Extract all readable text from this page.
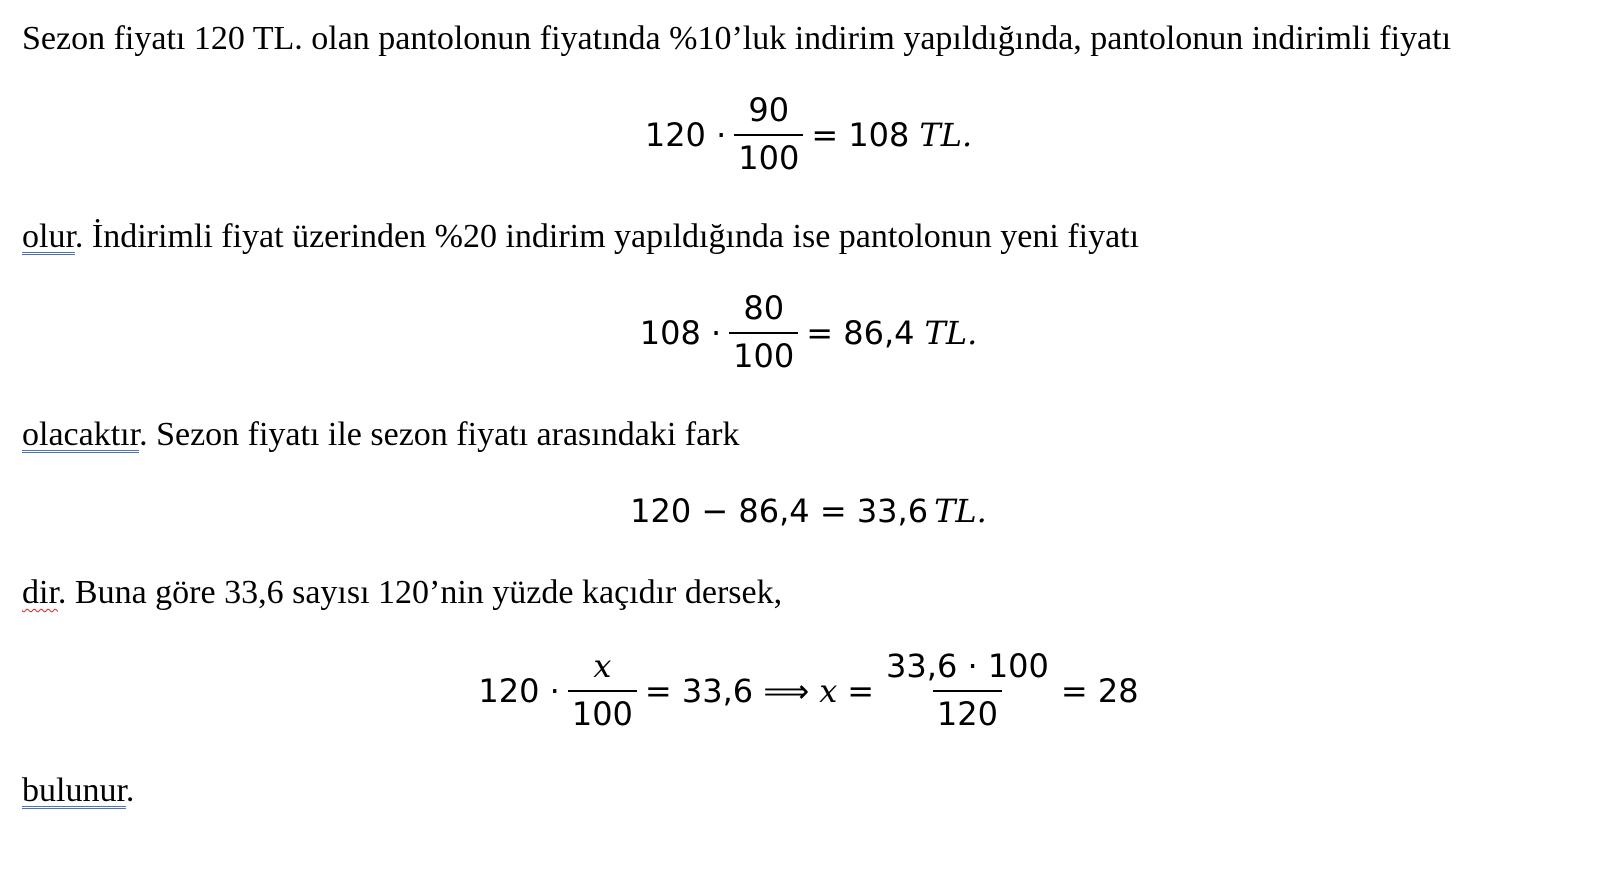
Sezon fiyatı 120 TL. olan pantolonun fiyatında %10’luk indirim yapıldığında, pantolonun indirimli fiyatı
$120 \cdot \frac{90}{100} = 108$ TL.
olur. İndirimli fiyat üzerinden %20 indirim yapıldığında ise pantolonun yeni fiyatı
$108 \cdot \frac{80}{100} = 86,4$ TL.
olacaktır. Sezon fiyatı ile sezon fiyatı arasındaki fark
120 − 86,4 = 33,6 TL.
dir. Buna göre 33,6 sayısı 120’nin yüzde kaçıdır dersek,
$120 \cdot \frac{x}{100} = 33,6$ ⟹ $x = \frac{33,6 \cdot 100}{120} = 28$
bulunur.
